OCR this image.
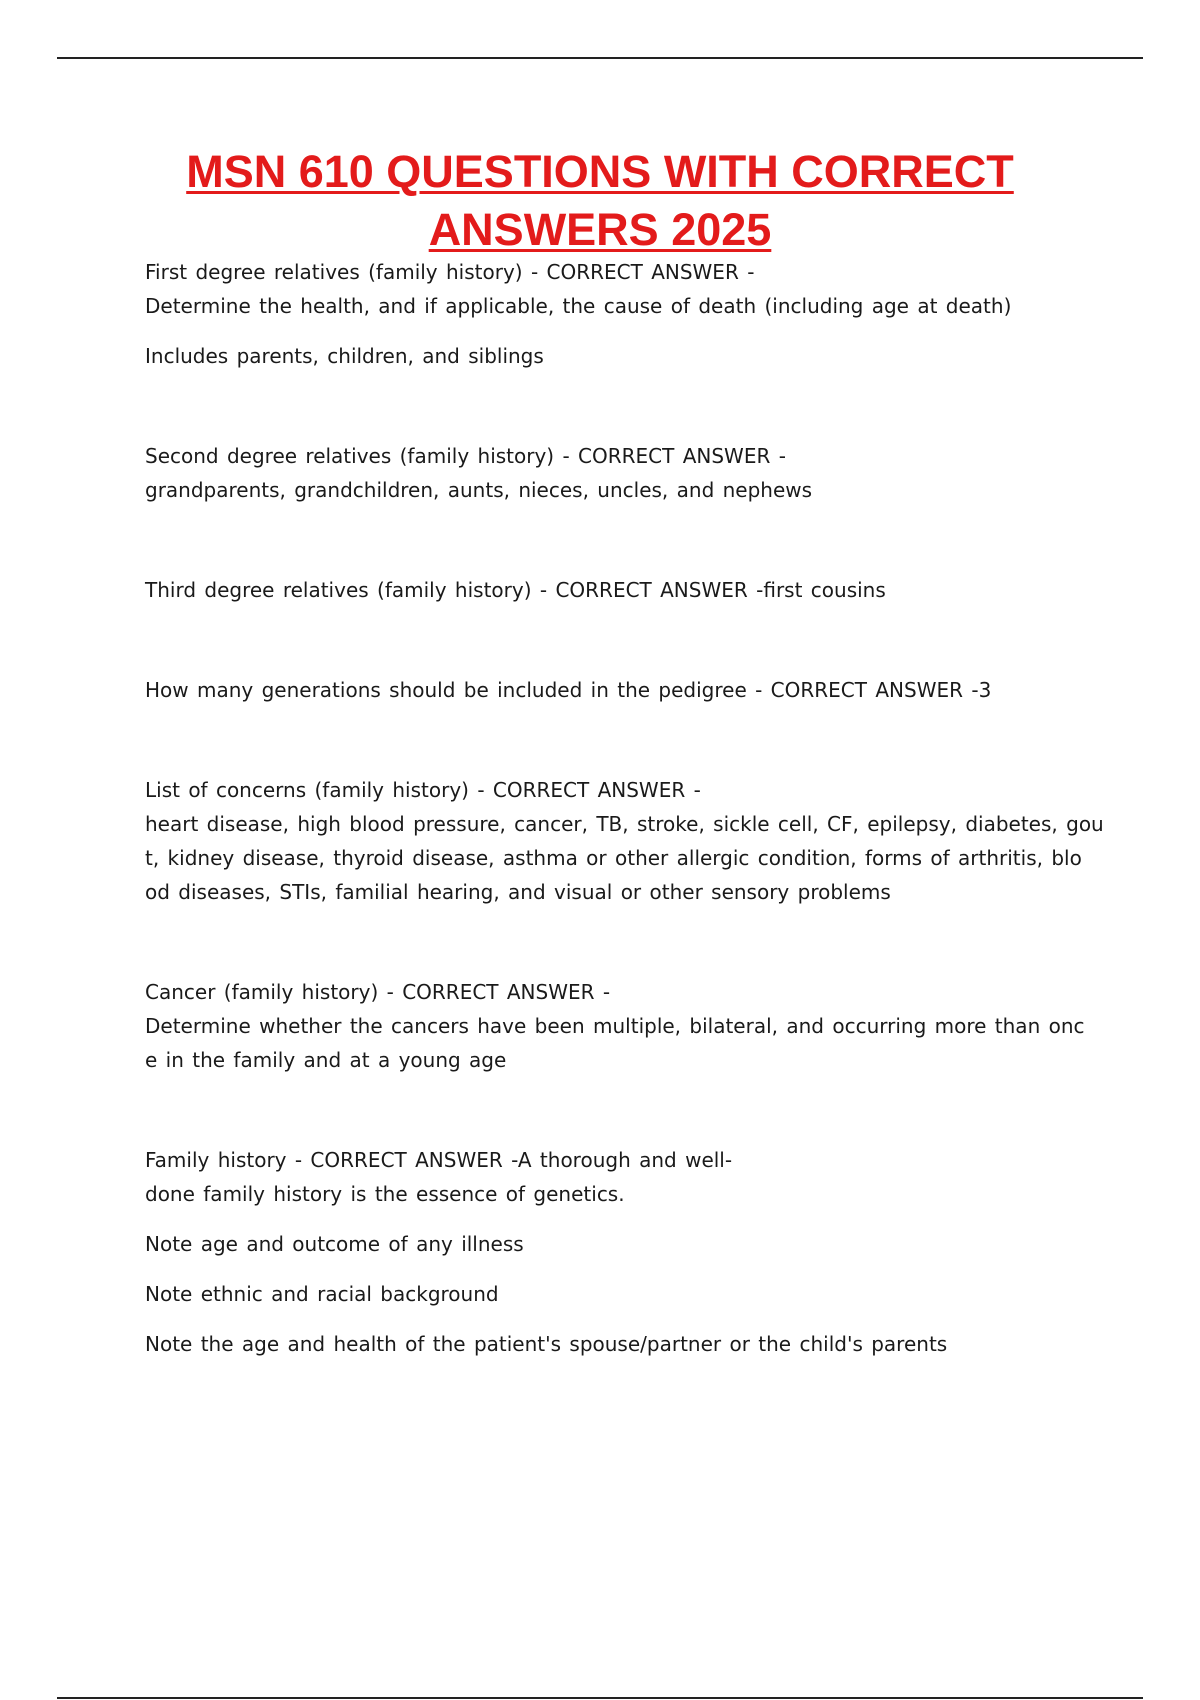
MSN 610 QUESTIONS WITH CORRECT ANSWERS 2025
First degree relatives (family history) - CORRECT ANSWER -
Determine the health, and if applicable, the cause of death (including age at death)
Includes parents, children, and siblings
Second degree relatives (family history) - CORRECT ANSWER -
grandparents, grandchildren, aunts, nieces, uncles, and nephews
Third degree relatives (family history) - CORRECT ANSWER -first cousins
How many generations should be included in the pedigree - CORRECT ANSWER -3
List of concerns (family history) - CORRECT ANSWER -
heart disease, high blood pressure, cancer, TB, stroke, sickle cell, CF, epilepsy, diabetes, gou
t, kidney disease, thyroid disease, asthma or other allergic condition, forms of arthritis, blo
od diseases, STIs, familial hearing, and visual or other sensory problems
Cancer (family history) - CORRECT ANSWER -
Determine whether the cancers have been multiple, bilateral, and occurring more than onc
e in the family and at a young age
Family history - CORRECT ANSWER -A thorough and well-
done family history is the essence of genetics.
Note age and outcome of any illness
Note ethnic and racial background
Note the age and health of the patient's spouse/partner or the child's parents
